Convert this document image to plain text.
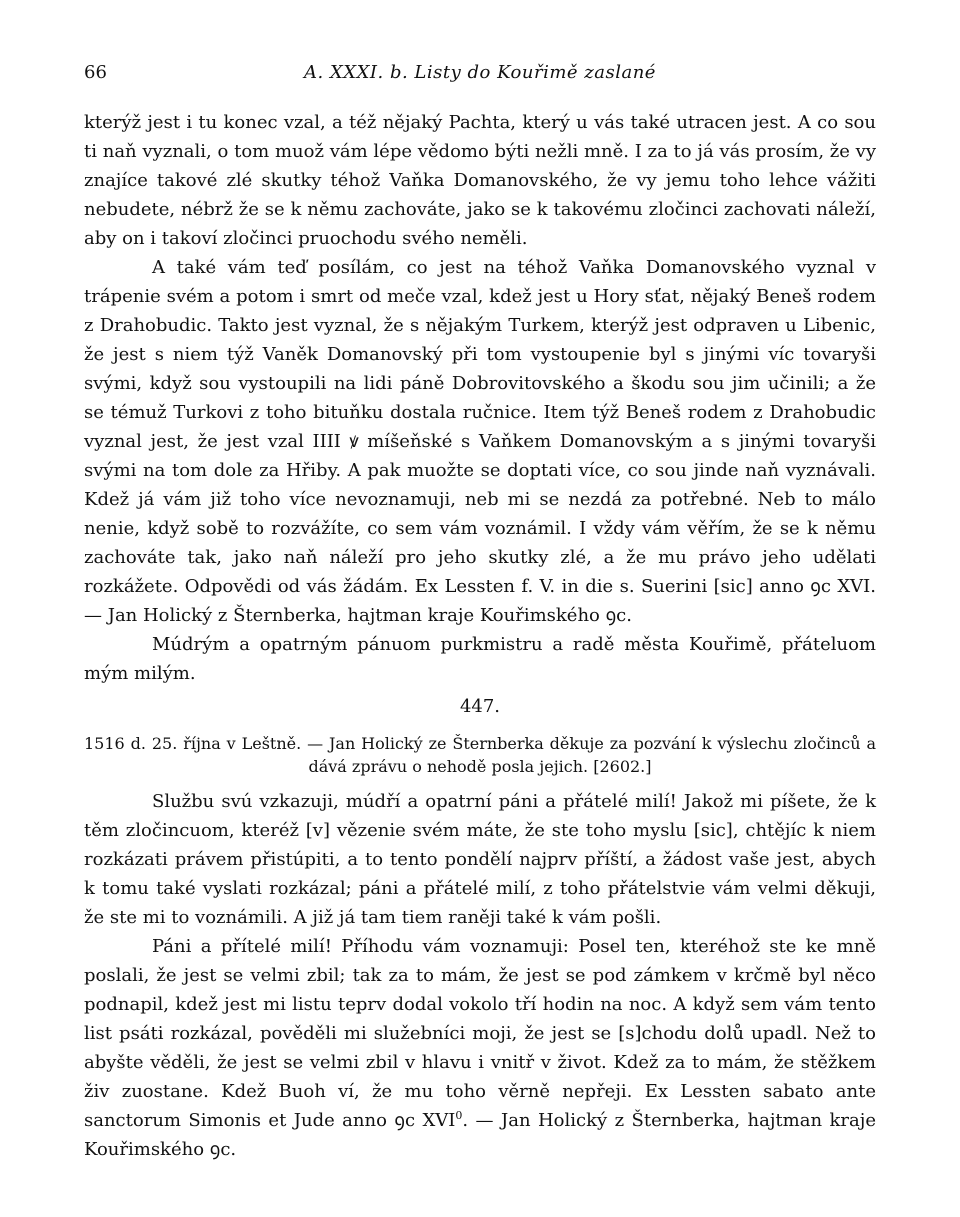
66	A. XXXI. b. Listy do Kouřimě zaslané

kterýž jest i tu konec vzal, a též nějaký Pachta, který u vás také utracen jest. A co sou ti naň vyznali, o tom muož vám lépe vědomo býti nežli mně. I za to já vás prosím, že vy znajíce takové zlé skutky téhož Vaňka Domanovského, že vy jemu toho lehce vážiti nebudete, nébrž že se k němu zachováte, jako se k takovému zločinci zachovati náleží, aby on i takoví zločinci pruochodu svého neměli.

A také vám teď posílám, co jest na téhož Vaňka Domanovského vyznal v trápenie svém a potom i smrt od meče vzal, kdež jest u Hory sťat, nějaký Beneš rodem z Drahobudic. Takto jest vyznal, že s nějakým Turkem, kterýž jest odpraven u Libenic, že jest s niem týž Vaněk Domanovský při tom vystoupenie byl s jinými víc tovaryši svými, když sou vystoupili na lidi páně Dobrovitovského a škodu sou jim učinili; a že se témuž Turkovi z toho bituňku dostala ručnice. Item týž Beneš rodem z Drahobudic vyznal jest, že jest vzal IIII ꝟ míšeňské s Vaňkem Domanovským a s jinými tovaryši svými na tom dole za Hřiby. A pak muožte se doptati více, co sou jinde naň vyznávali. Kdež já vám již toho více nevoznamuji, neb mi se nezdá za potřebné. Neb to málo nenie, když sobě to rozvážíte, co sem vám voznámil. I vždy vám věřím, že se k němu zachováte tak, jako naň náleží pro jeho skutky zlé, a že mu právo jeho udělati rozkážete. Odpovědi od vás žádám. Ex Lessten f. V. in die s. Suerini [sic] anno ꝯc XVI. — Jan Holický z Šternberka, hajtman kraje Kouřimského ꝯc.

Múdrým a opatrným pánuom purkmistru a radě města Kouřimě, přáteluom mým milým.

447.
1516 d. 25. října v Leštně. — Jan Holický ze Šternberka děkuje za pozvání k výslechu zločinců a dává zprávu o nehodě posla jejich. [2602.]

Službu svú vzkazuji, múdří a opatrní páni a přátelé milí! Jakož mi píšete, že k těm zločincuom, kteréž [v] vězenie svém máte, že ste toho myslu [sic], chtějíc k niem rozkázati právem přistúpiti, a to tento pondělí najprv příští, a žádost vaše jest, abych k tomu také vyslati rozkázal; páni a přátelé milí, z toho přátelstvie vám velmi děkuji, že ste mi to voznámili. A již já tam tiem raněji také k vám pošli.

Páni a přítelé milí! Příhodu vám voznamuji: Posel ten, kteréhož ste ke mně poslali, že jest se velmi zbil; tak za to mám, že jest se pod zámkem v krčmě byl něco podnapil, kdež jest mi listu teprv dodal vokolo tří hodin na noc. A když sem vám tento list psáti rozkázal, pověděli mi služebníci moji, že jest se [s]chodu dolů upadl. Než to abyšte věděli, že jest se velmi zbil v hlavu i vnitř v život. Kdež za to mám, že stěžkem živ zuostane. Kdež Buoh ví, že mu toho věrně nepřeji. Ex Lessten sabato ante sanctorum Simonis et Jude anno ꝯc XVI$^0$. — Jan Holický z Šternberka, hajtman kraje Kouřimského ꝯc.
